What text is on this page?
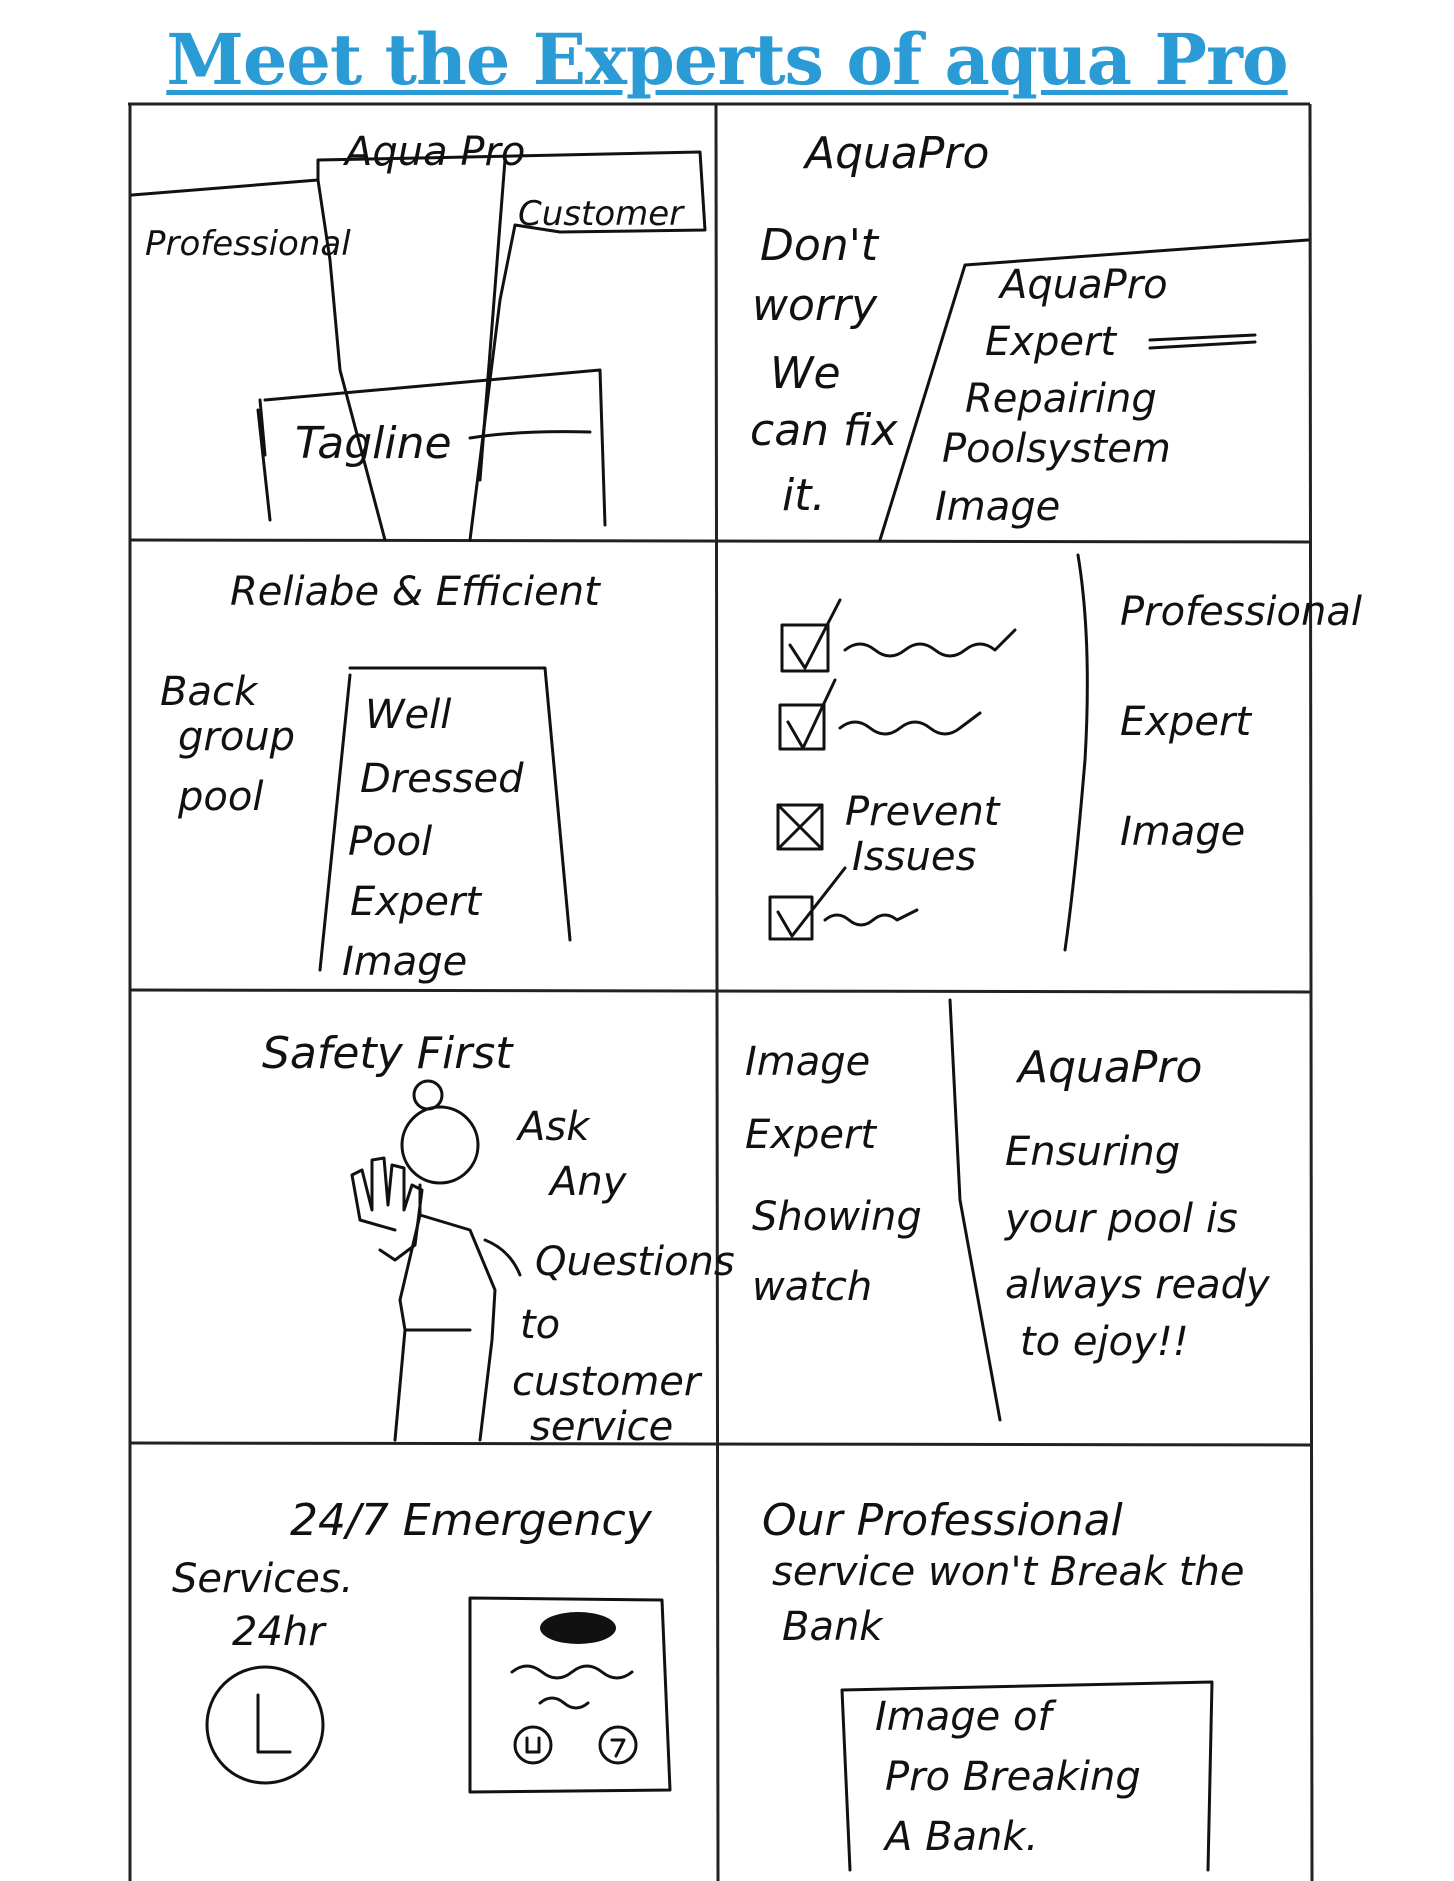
Meet the Experts of aqua Pro
Aqua Pro
Professional
Customer
Tagline
AquaPro
Don't
worry
We
can fix
it.
AquaPro
Expert
Repairing
Poolsystem
Image
Reliabe & Efficient
Back
group
pool
Well
Dressed
Pool
Expert
Image
Prevent
Issues
Professional
Expert
Image
Safety First
Ask
Any
Questions
to
customer
service
Image
Expert
Showing
watch
AquaPro
Ensuring
your pool is
always ready
to ejoy!!
24/7 Emergency
Services.
24hr
Our Professional
service won't Break the
Bank
Image of
Pro Breaking
A Bank.
